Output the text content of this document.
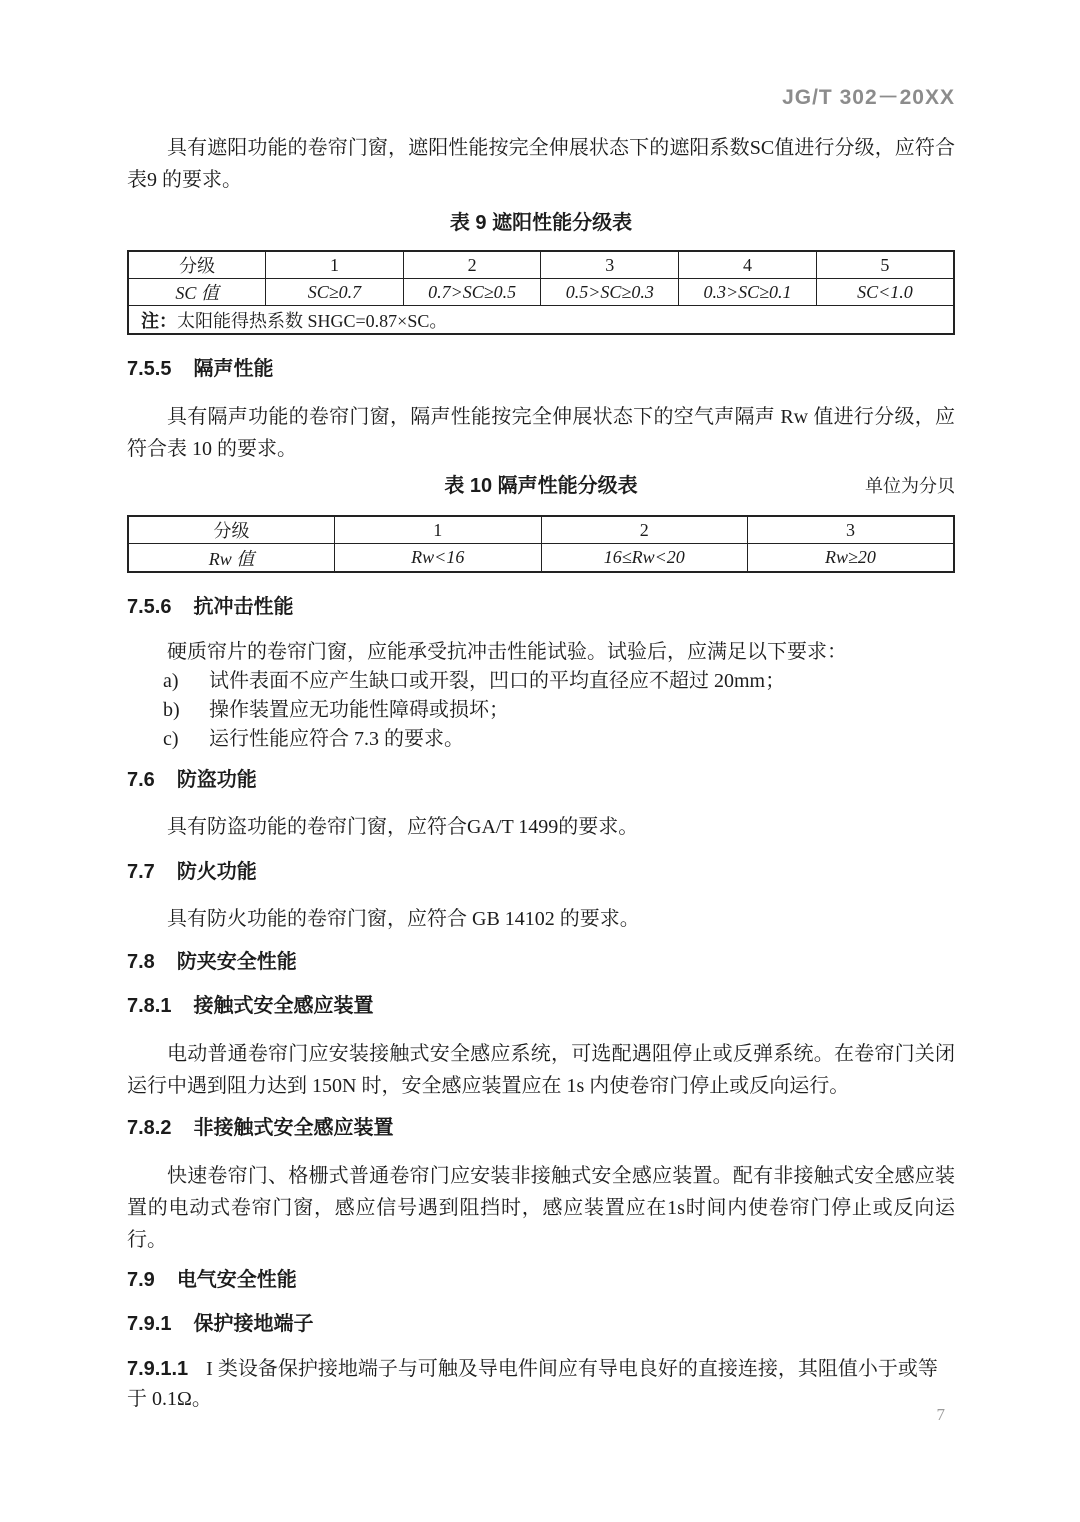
JG/T 302－20XX

具有遮阳功能的卷帘门窗，遮阳性能按完全伸展状态下的遮阳系数SC值进行分级，应符合表9 的要求。

表 9 遮阳性能分级表
分级	1	2	3	4	5
SC 值	SC≥0.7	0.7>SC≥0.5	0.5>SC≥0.3	0.3>SC≥0.1	SC<1.0
注：太阳能得热系数 SHGC=0.87×SC。					
7.5.5 隔声性能

具有隔声功能的卷帘门窗，隔声性能按完全伸展状态下的空气声隔声 Rw 值进行分级，应符合表 10 的要求。

表 10 隔声性能分级表	单位为分贝
分级	1	2	3
Rw 值	Rw<16	16≤Rw<20	Rw≥20
7.5.6 抗冲击性能

硬质帘片的卷帘门窗，应能承受抗冲击性能试验。试验后，应满足以下要求：

a)	试件表面不应产生缺口或开裂，凹口的平均直径应不超过 20mm；
b)	操作装置应无功能性障碍或损坏；
c)	运行性能应符合 7.3 的要求。
7.6 防盗功能

具有防盗功能的卷帘门窗，应符合GA/T 1499的要求。

7.7 防火功能

具有防火功能的卷帘门窗，应符合 GB 14102 的要求。

7.8 防夹安全性能
7.8.1 接触式安全感应装置

电动普通卷帘门应安装接触式安全感应系统，可选配遇阻停止或反弹系统。在卷帘门关闭运行中遇到阻力达到 150N 时，安全感应装置应在 1s 内使卷帘门停止或反向运行。

7.8.2 非接触式安全感应装置

快速卷帘门、格栅式普通卷帘门应安装非接触式安全感应装置。配有非接触式安全感应装置的电动式卷帘门窗，感应信号遇到阻挡时，感应装置应在1s时间内使卷帘门停止或反向运行。

7.9 电气安全性能
7.9.1 保护接地端子

7.9.1.1 I 类设备保护接地端子与可触及导电件间应有导电良好的直接连接，其阻值小于或等于 0.1Ω。

7
